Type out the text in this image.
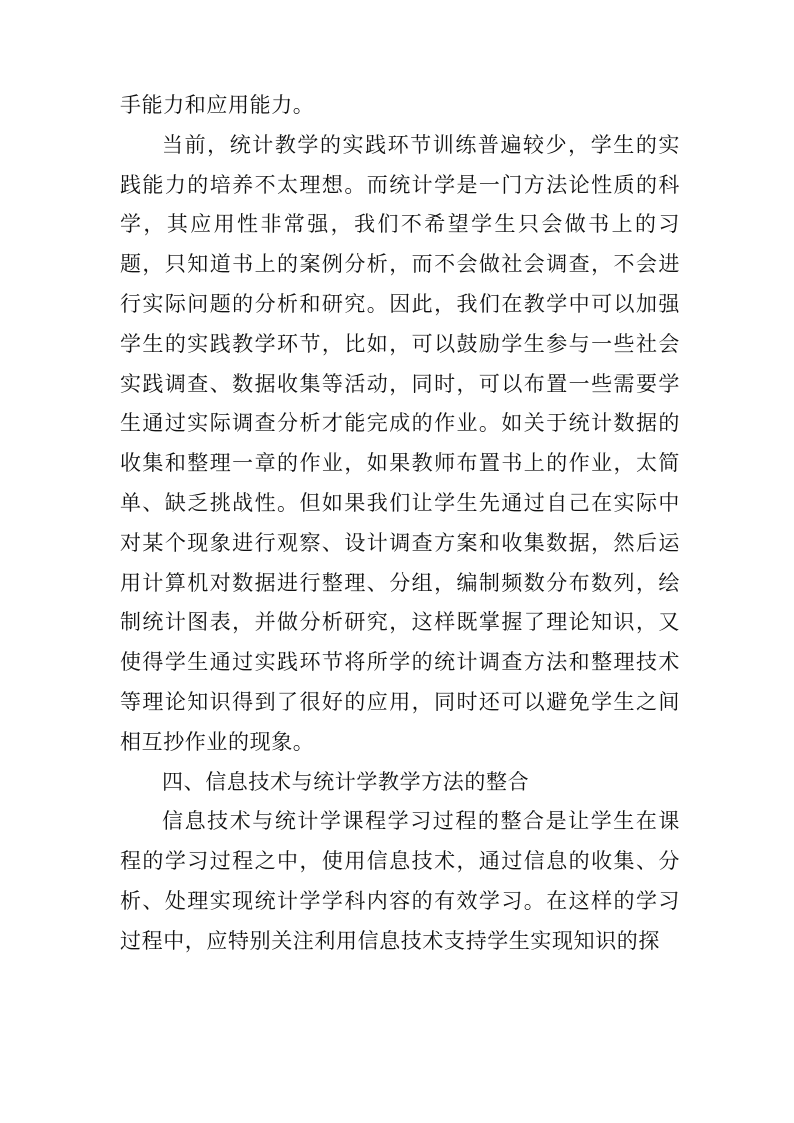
手能力和应用能力。

当前，统计教学的实践环节训练普遍较少，学生的实践能力的培养不太理想。而统计学是一门方法论性质的科学，其应用性非常强，我们不希望学生只会做书上的习题，只知道书上的案例分析，而不会做社会调查，不会进行实际问题的分析和研究。因此，我们在教学中可以加强学生的实践教学环节，比如，可以鼓励学生参与一些社会实践调查、数据收集等活动，同时，可以布置一些需要学生通过实际调查分析才能完成的作业。如关于统计数据的收集和整理一章的作业，如果教师布置书上的作业，太简单、缺乏挑战性。但如果我们让学生先通过自己在实际中对某个现象进行观察、设计调查方案和收集数据，然后运用计算机对数据进行整理、分组，编制频数分布数列，绘制统计图表，并做分析研究，这样既掌握了理论知识，又使得学生通过实践环节将所学的统计调查方法和整理技术等理论知识得到了很好的应用，同时还可以避免学生之间相互抄作业的现象。

四、信息技术与统计学教学方法的整合

信息技术与统计学课程学习过程的整合是让学生在课程的学习过程之中，使用信息技术，通过信息的收集、分析、处理实现统计学学科内容的有效学习。在这样的学习过程中，应特别关注利用信息技术支持学生实现知识的探
